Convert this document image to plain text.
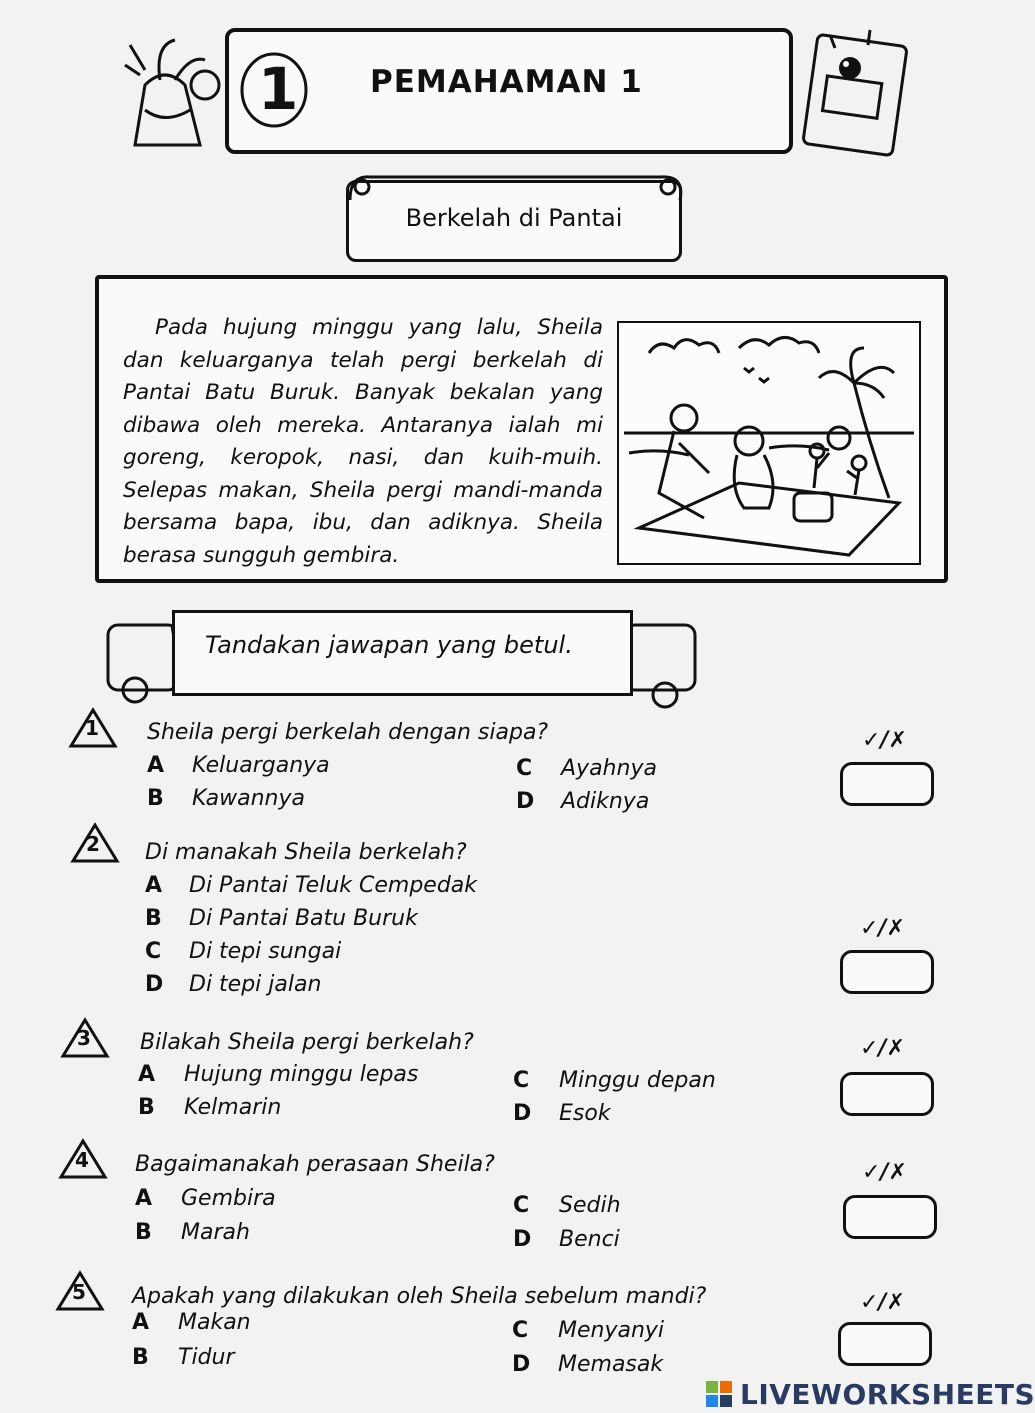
1 PEMAHAMAN 1
Berkelah di Pantai
Pada hujung minggu yang lalu, Sheila dan keluarganya telah pergi berkelah di Pantai Batu Buruk. Banyak bekalan yang dibawa oleh mereka. Antaranya ialah mi goreng, keropok, nasi, dan kuih-muih. Selepas makan, Sheila pergi mandi-manda bersama bapa, ibu, dan adiknya. Sheila berasa sungguh gembira.
Tandakan jawapan yang betul.
1 Sheila pergi berkelah dengan siapa?
A Keluarganya
B Kawannya
C Ayahnya
D Adiknya
✓/✗
2 Di manakah Sheila berkelah?
A Di Pantai Teluk Cempedak
B Di Pantai Batu Buruk
C Di tepi sungai
D Di tepi jalan
✓/✗
3 Bilakah Sheila pergi berkelah?
A Hujung minggu lepas
B Kelmarin
C Minggu depan
D Esok
✓/✗
4 Bagaimanakah perasaan Sheila?
A Gembira
B Marah
C Sedih
D Benci
✓/✗
5 Apakah yang dilakukan oleh Sheila sebelum mandi?
A Makan
B Tidur
C Menyanyi
D Memasak
✓/✗
LIVEWORKSHEETS
